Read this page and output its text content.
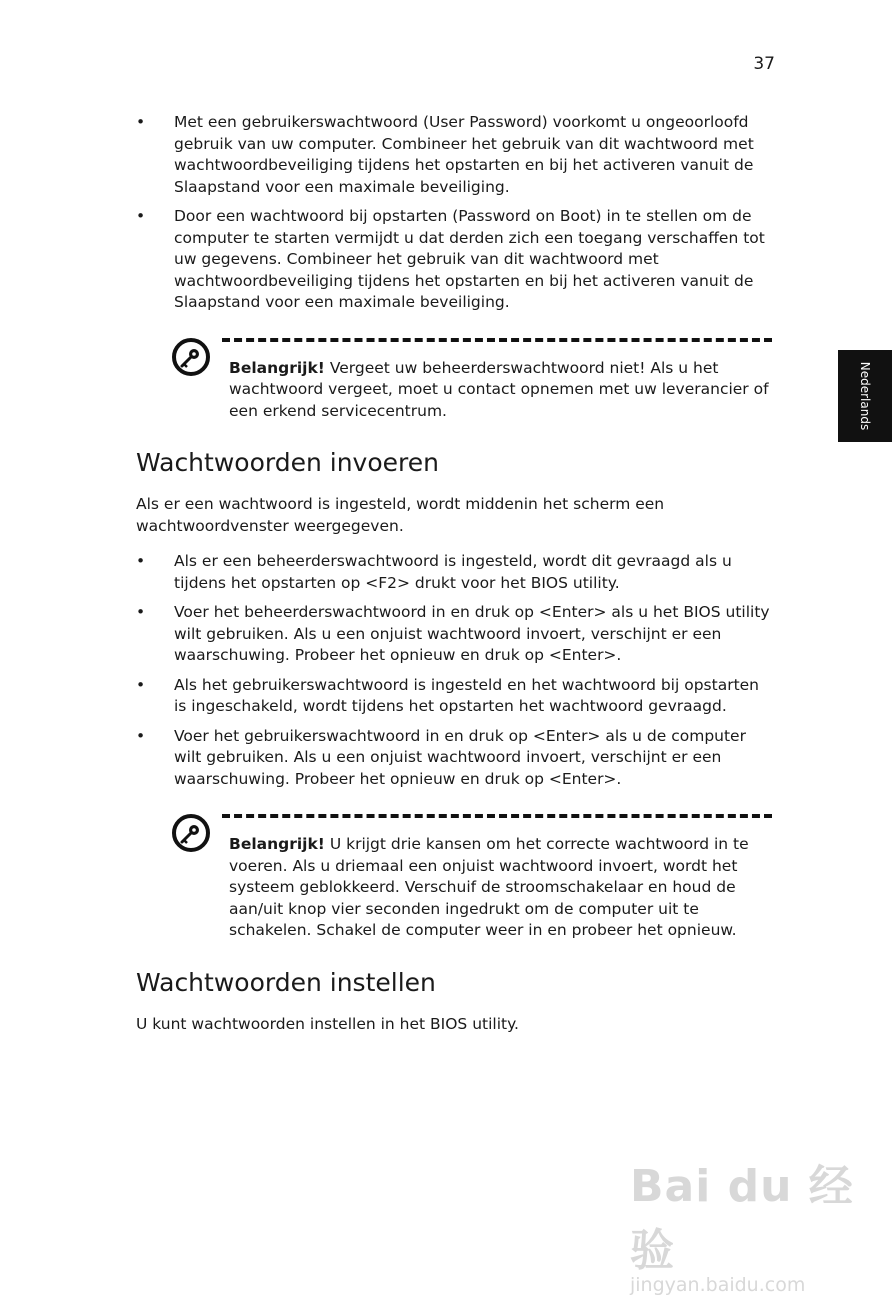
37
Nederlands
• Met een gebruikerswachtwoord (User Password) voorkomt u ongeoorloofd gebruik van uw computer. Combineer het gebruik van dit wachtwoord met wachtwoordbeveiliging tijdens het opstarten en bij het activeren vanuit de Slaapstand voor een maximale beveiliging.
• Door een wachtwoord bij opstarten (Password on Boot) in te stellen om de computer te starten vermijdt u dat derden zich een toegang verschaffen tot uw gegevens. Combineer het gebruik van dit wachtwoord met wachtwoordbeveiliging tijdens het opstarten en bij het activeren vanuit de Slaapstand voor een maximale beveiliging.
Belangrijk! Vergeet uw beheerderswachtwoord niet! Als u het wachtwoord vergeet, moet u contact opnemen met uw leverancier of een erkend servicecentrum.
Wachtwoorden invoeren

Als er een wachtwoord is ingesteld, wordt middenin het scherm een wachtwoordvenster weergegeven.

• Als er een beheerderswachtwoord is ingesteld, wordt dit gevraagd als u tijdens het opstarten op <F2> drukt voor het BIOS utility.
• Voer het beheerderswachtwoord in en druk op <Enter> als u het BIOS utility wilt gebruiken. Als u een onjuist wachtwoord invoert, verschijnt er een waarschuwing. Probeer het opnieuw en druk op <Enter>.
• Als het gebruikerswachtwoord is ingesteld en het wachtwoord bij opstarten is ingeschakeld, wordt tijdens het opstarten het wachtwoord gevraagd.
• Voer het gebruikerswachtwoord in en druk op <Enter> als u de computer wilt gebruiken. Als u een onjuist wachtwoord invoert, verschijnt er een waarschuwing. Probeer het opnieuw en druk op <Enter>.
Belangrijk! U krijgt drie kansen om het correcte wachtwoord in te voeren. Als u driemaal een onjuist wachtwoord invoert, wordt het systeem geblokkeerd. Verschuif de stroomschakelaar en houd de aan/uit knop vier seconden ingedrukt om de computer uit te schakelen. Schakel de computer weer in en probeer het opnieuw.
Wachtwoorden instellen

U kunt wachtwoorden instellen in het BIOS utility.

Bai du 经验
jingyan.baidu.com
